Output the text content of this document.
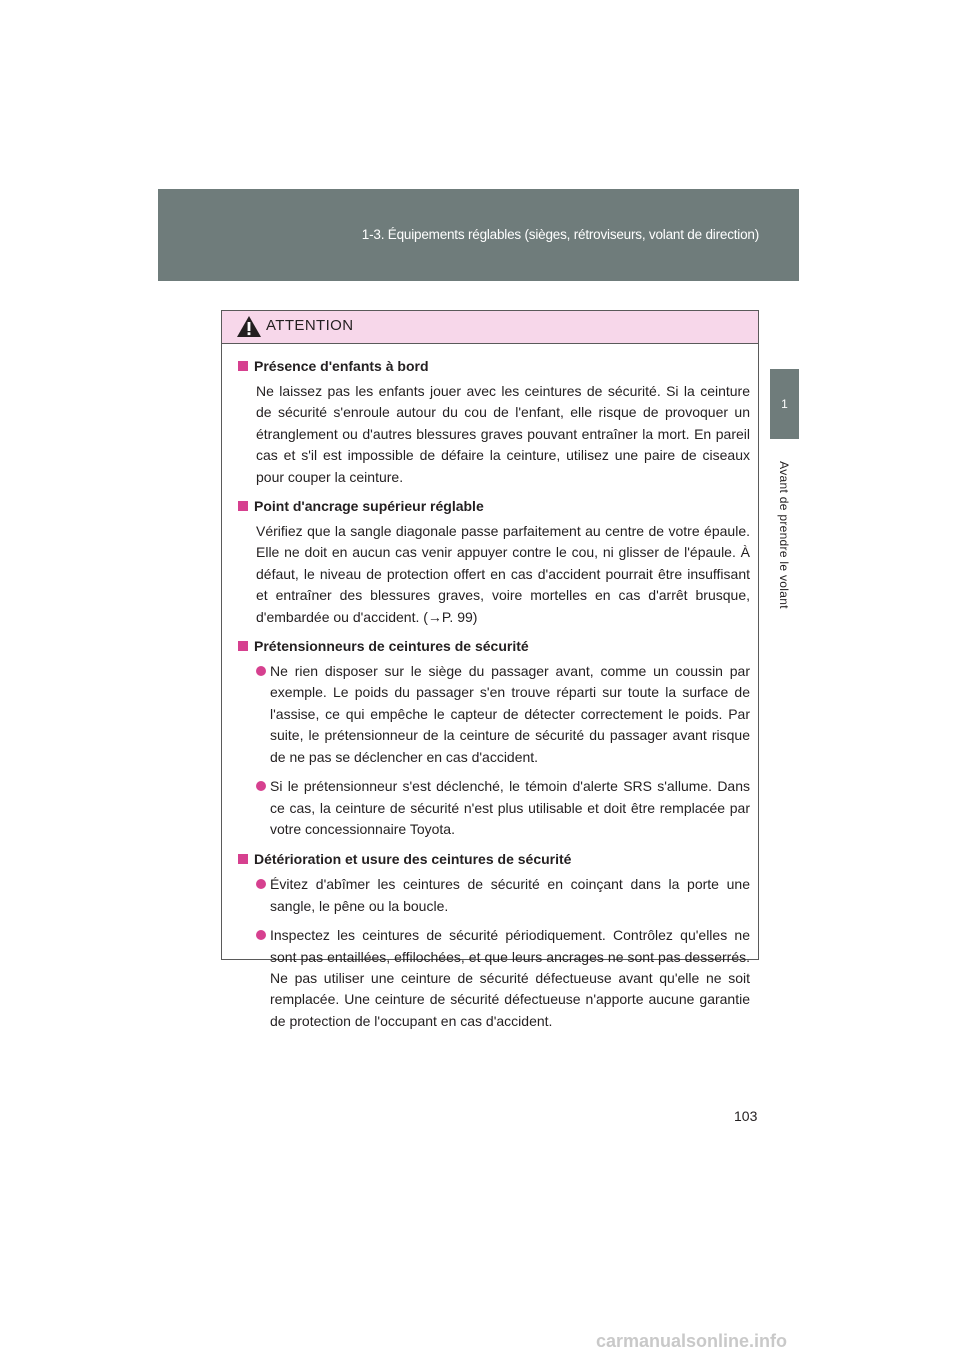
1-3. Équipements réglables (sièges, rétroviseurs, volant de direction)
1
Avant de prendre le volant
ATTENTION
Présence d'enfants à bord
Ne laissez pas les enfants jouer avec les ceintures de sécurité. Si la ceinture de sécurité s'enroule autour du cou de l'enfant, elle risque de provoquer un étranglement ou d'autres blessures graves pouvant entraîner la mort. En pareil cas et s'il est impossible de défaire la ceinture, utilisez une paire de ciseaux pour couper la ceinture.
Point d'ancrage supérieur réglable
Vérifiez que la sangle diagonale passe parfaitement au centre de votre épaule. Elle ne doit en aucun cas venir appuyer contre le cou, ni glisser de l'épaule. À défaut, le niveau de protection offert en cas d'accident pourrait être insuffisant et entraîner des blessures graves, voire mortelles en cas d'arrêt brusque, d'embardée ou d'accident. (→P. 99)
Prétensionneurs de ceintures de sécurité
Ne rien disposer sur le siège du passager avant, comme un coussin par exemple. Le poids du passager s'en trouve réparti sur toute la surface de l'assise, ce qui empêche le capteur de détecter correctement le poids. Par suite, le prétensionneur de la ceinture de sécurité du passager avant risque de ne pas se déclencher en cas d'accident.
Si le prétensionneur s'est déclenché, le témoin d'alerte SRS s'allume. Dans ce cas, la ceinture de sécurité n'est plus utilisable et doit être remplacée par votre concessionnaire Toyota.
Détérioration et usure des ceintures de sécurité
Évitez d'abîmer les ceintures de sécurité en coinçant dans la porte une sangle, le pêne ou la boucle.
Inspectez les ceintures de sécurité périodiquement. Contrôlez qu'elles ne sont pas entaillées, effilochées, et que leurs ancrages ne sont pas desserrés. Ne pas utiliser une ceinture de sécurité défectueuse avant qu'elle ne soit remplacée. Une ceinture de sécurité défectueuse n'apporte aucune garantie de protection de l'occupant en cas d'accident.
103
carmanualsonline.info
